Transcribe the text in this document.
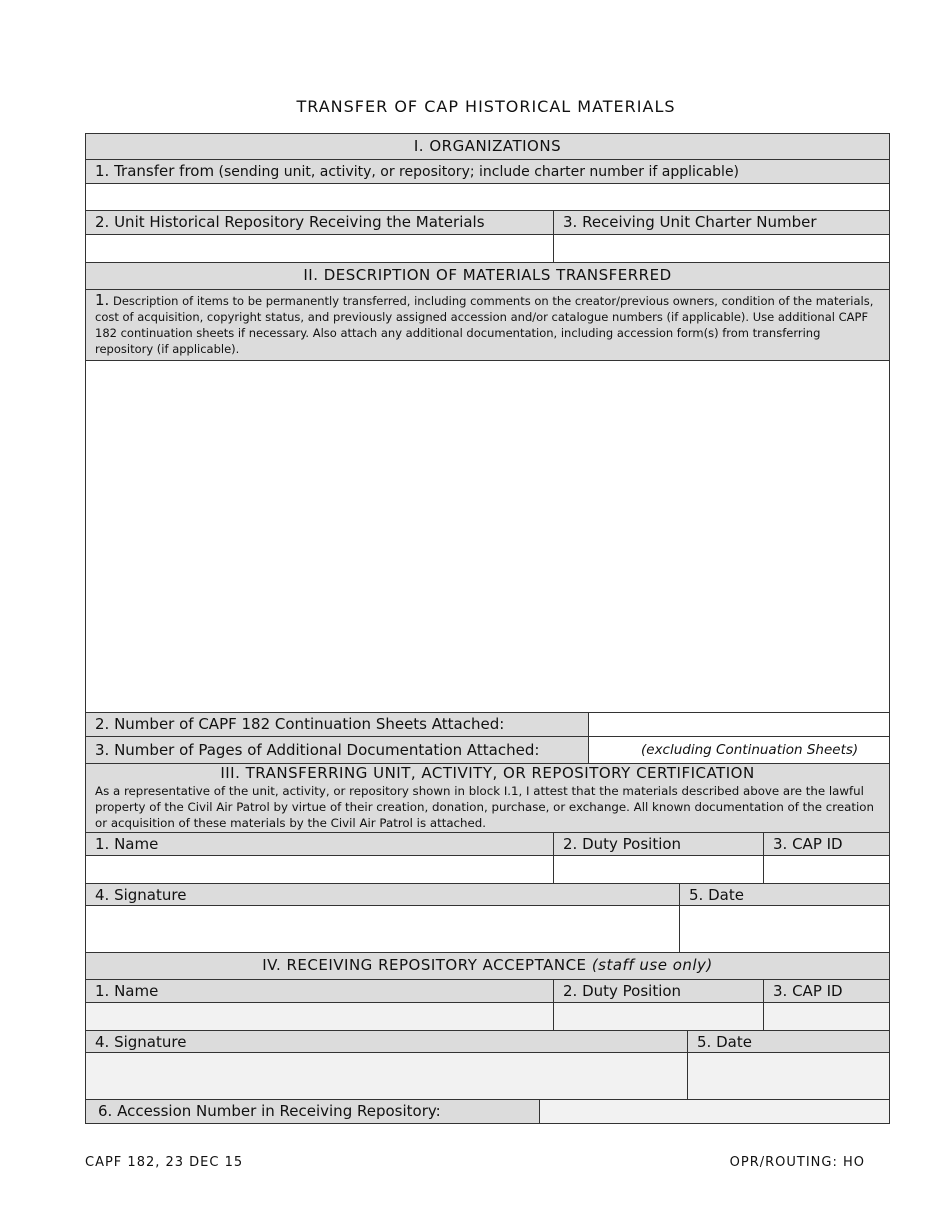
TRANSFER OF CAP HISTORICAL MATERIALS
I. ORGANIZATIONS
1. Transfer from (sending unit, activity, or repository; include charter number if applicable)
2. Unit Historical Repository Receiving the Materials	3. Receiving Unit Charter Number
II. DESCRIPTION OF MATERIALS TRANSFERRED
1. Description of items to be permanently transferred, including comments on the creator/previous owners, condition of the materials, cost of acquisition, copyright status, and previously assigned accession and/or catalogue numbers (if applicable). Use additional CAPF 182 continuation sheets if necessary. Also attach any additional documentation, including accession form(s) from transferring repository (if applicable).
2. Number of CAPF 182 Continuation Sheets Attached:
3. Number of Pages of Additional Documentation Attached:	(excluding Continuation Sheets)
III. TRANSFERRING UNIT, ACTIVITY, OR REPOSITORY CERTIFICATION
As a representative of the unit, activity, or repository shown in block I.1, I attest that the materials described above are the lawful property of the Civil Air Patrol by virtue of their creation, donation, purchase, or exchange. All known documentation of the creation or acquisition of these materials by the Civil Air Patrol is attached.
1. Name	2. Duty Position	3. CAP ID
4. Signature	5. Date
IV. RECEIVING REPOSITORY ACCEPTANCE (staff use only)
1. Name	2. Duty Position	3. CAP ID
4. Signature	5. Date
6. Accession Number in Receiving Repository:
CAPF 182, 23 DEC 15	OPR/ROUTING: HO
